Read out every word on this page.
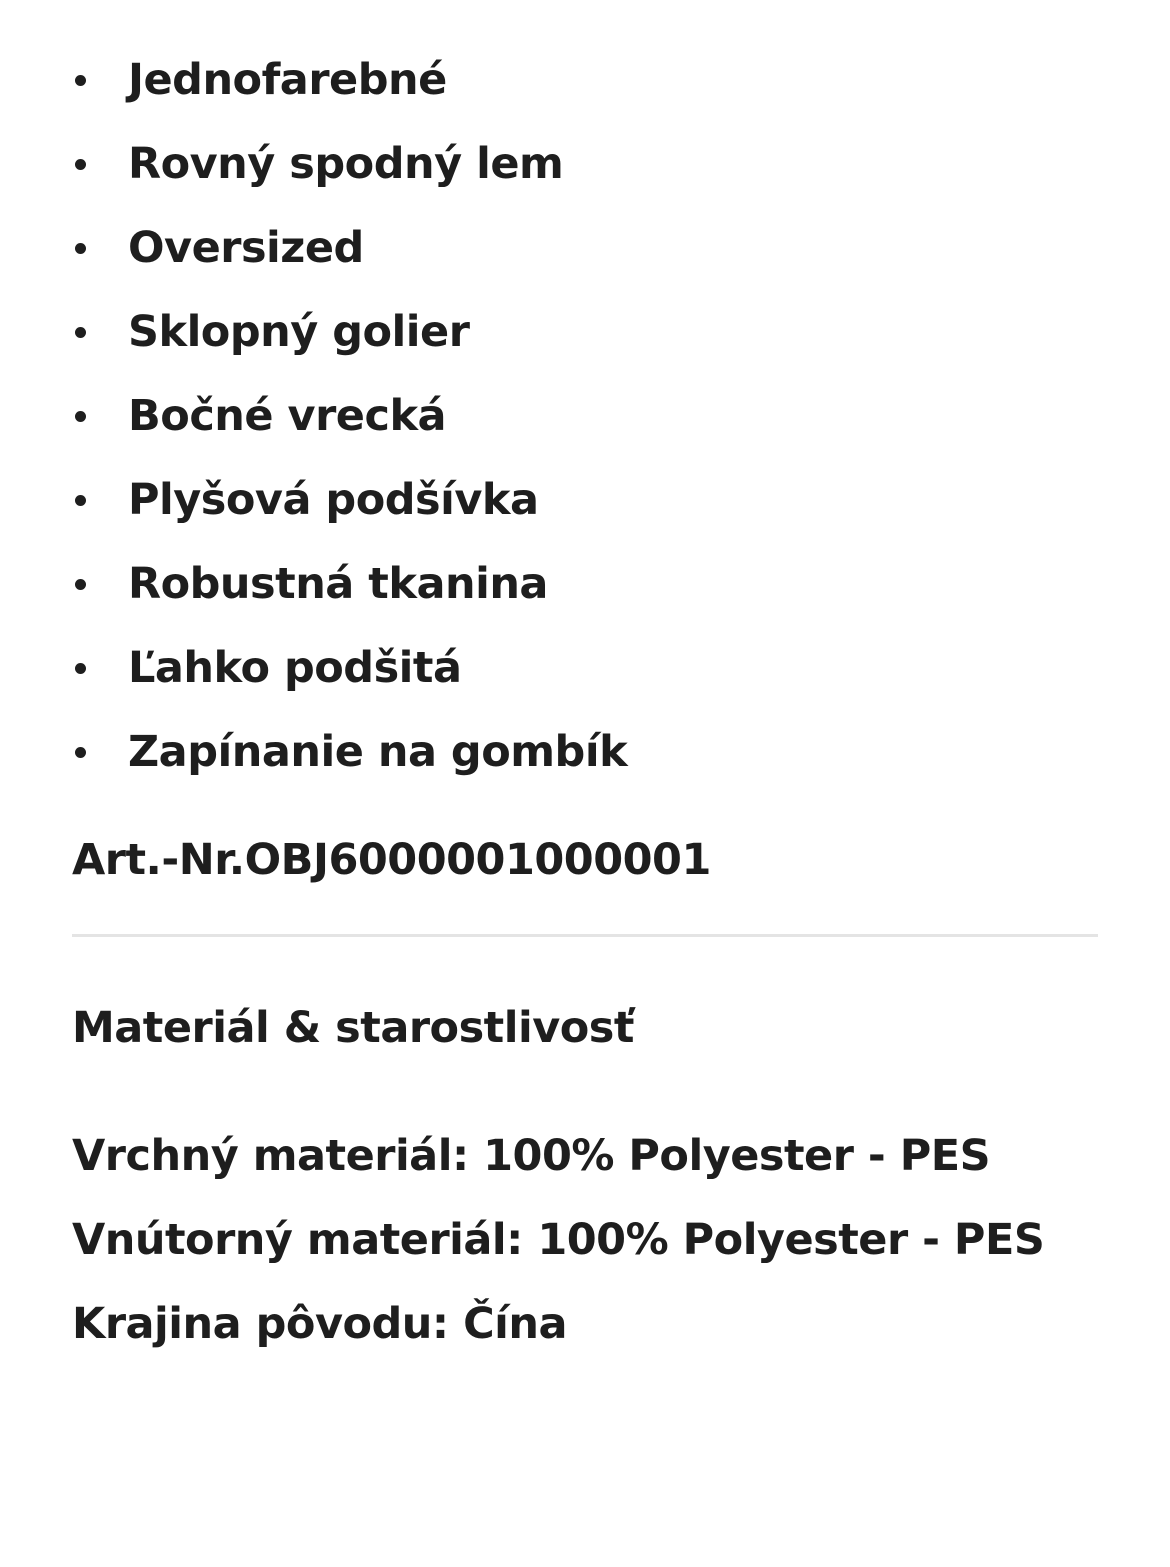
Jednofarebné
Rovný spodný lem
Oversized
Sklopný golier
Bočné vrecká
Plyšová podšívka
Robustná tkanina
Ľahko podšitá
Zapínanie na gombík
Art.-Nr.OBJ6000001000001
Materiál & starostlivosť
Vrchný materiál: 100% Polyester - PES
Vnútorný materiál: 100% Polyester - PES
Krajina pôvodu: Čína
